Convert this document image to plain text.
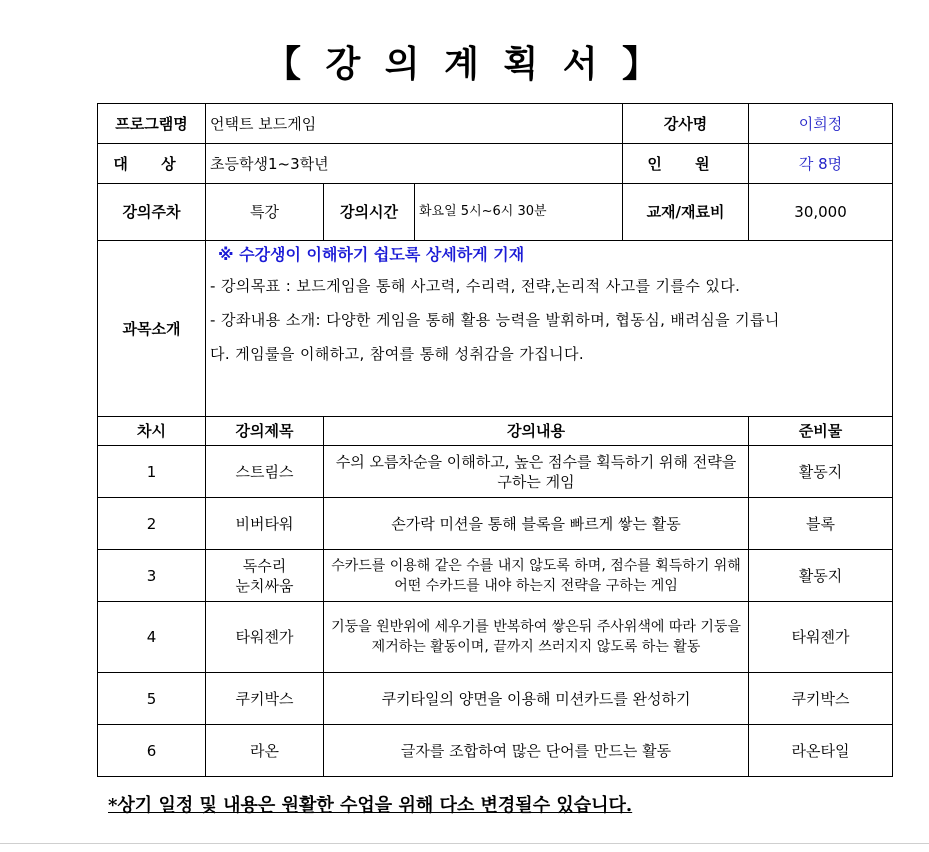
【 강 의 계 획 서 】
프로그램명	언택트 보드게임			강사명	이희정
대 상	초등학생1~3학년			인 원	각 8명
강의주차	특강	강의시간	화요일 5시~6시 30분	교재/재료비	30,000
과목소개	※ 수강생이 이해하기 쉽도록 상세하게 기재

- 강의목표 : 보드게임을 통해 사고력, 수리력, 전략,논리적 사고를 기를수 있다.

- 강좌내용 소개: 다양한 게임을 통해 활용 능력을 발휘하며, 협동심, 배려심을 기릅니

다. 게임룰을 이해하고, 참여를 통해 성취감을 가집니다.				

차시	강의제목	강의내용			준비물
1	스트림스	수의 오름차순을 이해하고, 높은 점수를 획득하기 위해 전략을 구하는 게임			활동지
2	비버타워	손가락 미션을 통해 블록을 빠르게 쌓는 활동			블록
3	독수리
눈치싸움	수카드를 이용해 같은 수를 내지 않도록 하며, 점수를 획득하기 위해 어떤 수카드를 내야 하는지 전략을 구하는 게임			활동지
4	타워젠가	기둥을 원반위에 세우기를 반복하여 쌓은뒤 주사위색에 따라 기둥을 제거하는 활동이며, 끝까지 쓰러지지 않도록 하는 활동			타워젠가
5	쿠키박스	쿠키타일의 양면을 이용해 미션카드를 완성하기			쿠키박스
6	라온	글자를 조합하여 많은 단어를 만드는 활동			라온타일
*상기 일정 및 내용은 원활한 수업을 위해 다소 변경될수 있습니다.
